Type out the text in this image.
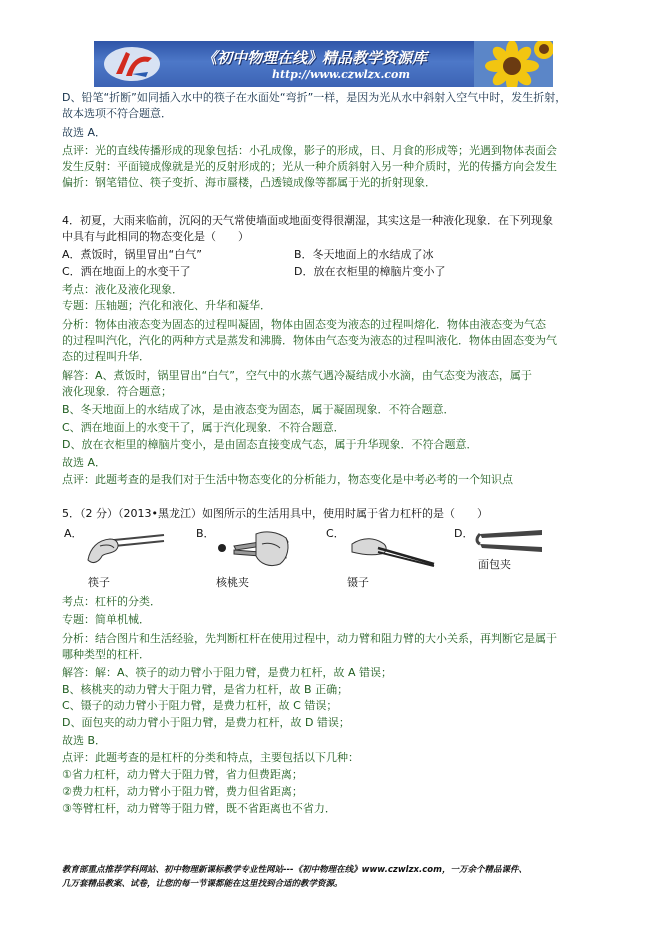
《初中物理在线》精品教学资源库
http://www.czwlzx.com
D、铅笔“折断”如同插入水中的筷子在水面处“弯折”一样，是因为光从水中斜射入空气中时，发生折射，
故本选项不符合题意．
故选 A．
点评：光的直线传播形成的现象包括：小孔成像，影子的形成，日、月食的形成等；光遇到物体表面会
发生反射：平面镜成像就是光的反射形成的；光从一种介质斜射入另一种介质时，光的传播方向会发生
偏折：钢笔错位、筷子变折、海市蜃楼，凸透镜成像等都属于光的折射现象．
4．初夏，大雨来临前，沉闷的天气常使墙面或地面变得很潮湿，其实这是一种液化现象．在下列现象
中具有与此相同的物态变化是（　　）
A．煮饭时，锅里冒出“白气”	B．冬天地面上的水结成了冰
C．洒在地面上的水变干了	D．放在衣柜里的樟脑片变小了
考点：液化及液化现象．
专题：压轴题；汽化和液化、升华和凝华．
分析：物体由液态变为固态的过程叫凝固，物体由固态变为液态的过程叫熔化．物体由液态变为气态
的过程叫汽化，汽化的两种方式是蒸发和沸腾．物体由气态变为液态的过程叫液化．物体由固态变为气
态的过程叫升华．
解答：A、煮饭时，锅里冒出“白气”，空气中的水蒸气遇冷凝结成小水滴，由气态变为液态，属于
液化现象．符合题意；
B、冬天地面上的水结成了冰，是由液态变为固态，属于凝固现象．不符合题意．
C、洒在地面上的水变干了，属于汽化现象．不符合题意．
D、放在衣柜里的樟脑片变小，是由固态直接变成气态，属于升华现象．不符合题意．
故选 A．
点评：此题考查的是我们对于生活中物态变化的分析能力，物态变化是中考必考的一个知识点
5．（2 分）（2013•黑龙江）如图所示的生活用具中，使用时属于省力杠杆的是（　　）
A．	B．	C．	D．
筷子	核桃夹	镊子
面包夹
考点：杠杆的分类．
专题：简单机械．
分析：结合图片和生活经验，先判断杠杆在使用过程中，动力臂和阻力臂的大小关系，再判断它是属于
哪种类型的杠杆．
解答：解：A、筷子的动力臂小于阻力臂，是费力杠杆，故 A 错误；
B、核桃夹的动力臂大于阻力臂，是省力杠杆，故 B 正确；
C、镊子的动力臂小于阻力臂，是费力杠杆，故 C 错误；
D、面包夹的动力臂小于阻力臂，是费力杠杆，故 D 错误；
故选 B．
点评：此题考查的是杠杆的分类和特点，主要包括以下几种：
①省力杠杆，动力臂大于阻力臂，省力但费距离；
②费力杠杆，动力臂小于阻力臂，费力但省距离；
③等臂杠杆，动力臂等于阻力臂，既不省距离也不省力．
教育部重点推荐学科网站、初中物理新课标教学专业性网站---《初中物理在线》www.czwlzx.com，一万余个精品课件、
几万套精品教案、试卷，让您的每一节课都能在这里找到合适的教学资源。
